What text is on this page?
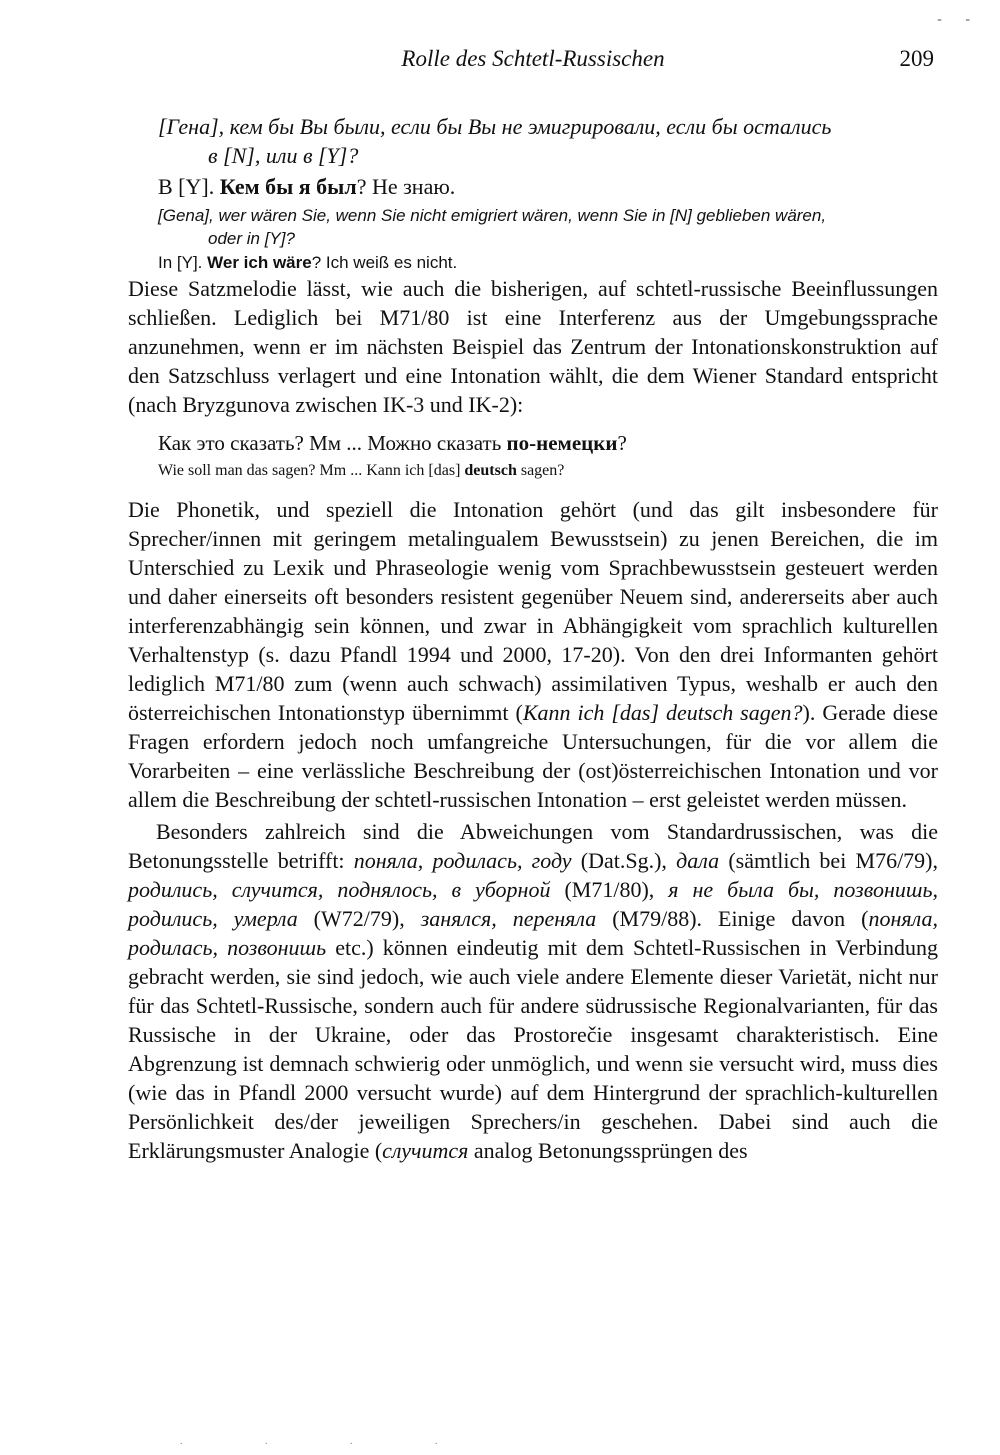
- -
Rolle des Schtetl-Russischen	209

[Гена], кем бы Вы были, если бы Вы не эмигрировали, если бы остались
в [N], или в [Y]?

В [Y]. Кем бы я был? Не знаю.

[Gena], wer wären Sie, wenn Sie nicht emigriert wären, wenn Sie in [N] geblieben wären,
oder in [Y]?

In [Y]. Wer ich wäre? Ich weiß es nicht.

Diese Satzmelodie lässt, wie auch die bisherigen, auf schtetl-russische Beeinflussungen schließen. Lediglich bei M71/80 ist eine Interferenz aus der Umgebungssprache anzunehmen, wenn er im nächsten Beispiel das Zentrum der Intonationskonstruktion auf den Satzschluss verlagert und eine Intonation wählt, die dem Wiener Standard entspricht (nach Bryzgunova zwischen IK-3 und IK-2):

Как это сказать? Мм ... Можно сказать по-немецки?

Wie soll man das sagen? Mm ... Kann ich [das] deutsch sagen?

Die Phonetik, und speziell die Intonation gehört (und das gilt insbesondere für Sprecher/innen mit geringem metalingualem Bewusstsein) zu jenen Bereichen, die im Unterschied zu Lexik und Phraseologie wenig vom Sprachbewusstsein gesteuert werden und daher einerseits oft besonders resistent gegenüber Neuem sind, andererseits aber auch interferenzabhängig sein können, und zwar in Abhängigkeit vom sprachlich kulturellen Verhaltenstyp (s. dazu Pfandl 1994 und 2000, 17-20). Von den drei Informanten gehört lediglich M71/80 zum (wenn auch schwach) assimilativen Typus, weshalb er auch den österreichischen Intonationstyp übernimmt (Kann ich [das] deutsch sagen?). Gerade diese Fragen erfordern jedoch noch umfangreiche Untersuchungen, für die vor allem die Vorarbeiten – eine verlässliche Beschreibung der (ost)österreichischen Intonation und vor allem die Beschreibung der schtetl-russischen Intonation – erst geleistet werden müssen.

Besonders zahlreich sind die Abweichungen vom Standardrussischen, was die Betonungsstelle betrifft: поняла, родилась, году (Dat.Sg.), дала (sämtlich bei M76/79), родились, случится, поднялось, в уборной (M71/80), я не была бы, позвонишь, родились, умерла (W72/79), занялся, переняла (M79/88). Einige davon (поняла, родилась, позвонишь etc.) können eindeutig mit dem Schtetl-Russischen in Verbindung gebracht werden, sie sind jedoch, wie auch viele andere Elemente dieser Varietät, nicht nur für das Schtetl-Russische, sondern auch für andere südrussische Regionalvarianten, für das Russische in der Ukraine, oder das Prostorečie insgesamt charakteristisch. Eine Abgrenzung ist demnach schwierig oder unmöglich, und wenn sie versucht wird, muss dies (wie das in Pfandl 2000 versucht wurde) auf dem Hintergrund der sprachlich-kulturellen Persönlichkeit des/der jeweiligen Sprechers/in geschehen. Dabei sind auch die Erklärungsmuster Analogie (случится analog Betonungssprüngen des

. . . .
